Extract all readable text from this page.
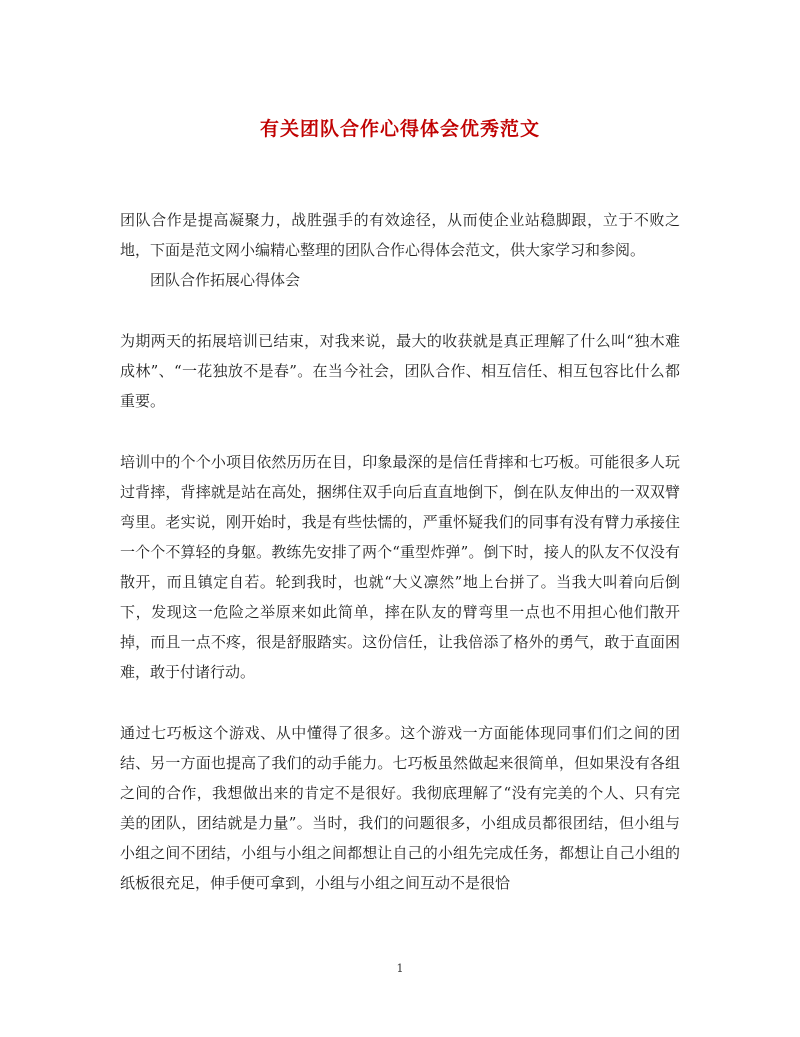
有关团队合作心得体会优秀范文

团队合作是提高凝聚力，战胜强手的有效途径，从而使企业站稳脚跟，立于不败之地，下面是范文网小编精心整理的团队合作心得体会范文，供大家学习和参阅。

团队合作拓展心得体会

为期两天的拓展培训已结束，对我来说，最大的收获就是真正理解了什么叫“独木难成林”、“一花独放不是春”。在当今社会，团队合作、相互信任、相互包容比什么都重要。

培训中的个个小项目依然历历在目，印象最深的是信任背摔和七巧板。可能很多人玩过背摔，背摔就是站在高处，捆绑住双手向后直直地倒下，倒在队友伸出的一双双臂弯里。老实说，刚开始时，我是有些怯懦的，严重怀疑我们的同事有没有臂力承接住一个个不算轻的身躯。教练先安排了两个“重型炸弹”。倒下时，接人的队友不仅没有散开，而且镇定自若。轮到我时，也就“大义凛然”地上台拼了。当我大叫着向后倒下，发现这一危险之举原来如此简单，摔在队友的臂弯里一点也不用担心他们散开掉，而且一点不疼，很是舒服踏实。这份信任，让我倍添了格外的勇气，敢于直面困难，敢于付诸行动。

通过七巧板这个游戏、从中懂得了很多。这个游戏一方面能体现同事们们之间的团结、另一方面也提高了我们的动手能力。七巧板虽然做起来很简单，但如果没有各组之间的合作，我想做出来的肯定不是很好。我彻底理解了“没有完美的个人、只有完美的团队，团结就是力量”。当时，我们的问题很多，小组成员都很团结，但小组与小组之间不团结，小组与小组之间都想让自己的小组先完成任务，都想让自己小组的纸板很充足，伸手便可拿到，小组与小组之间互动不是很恰

1
